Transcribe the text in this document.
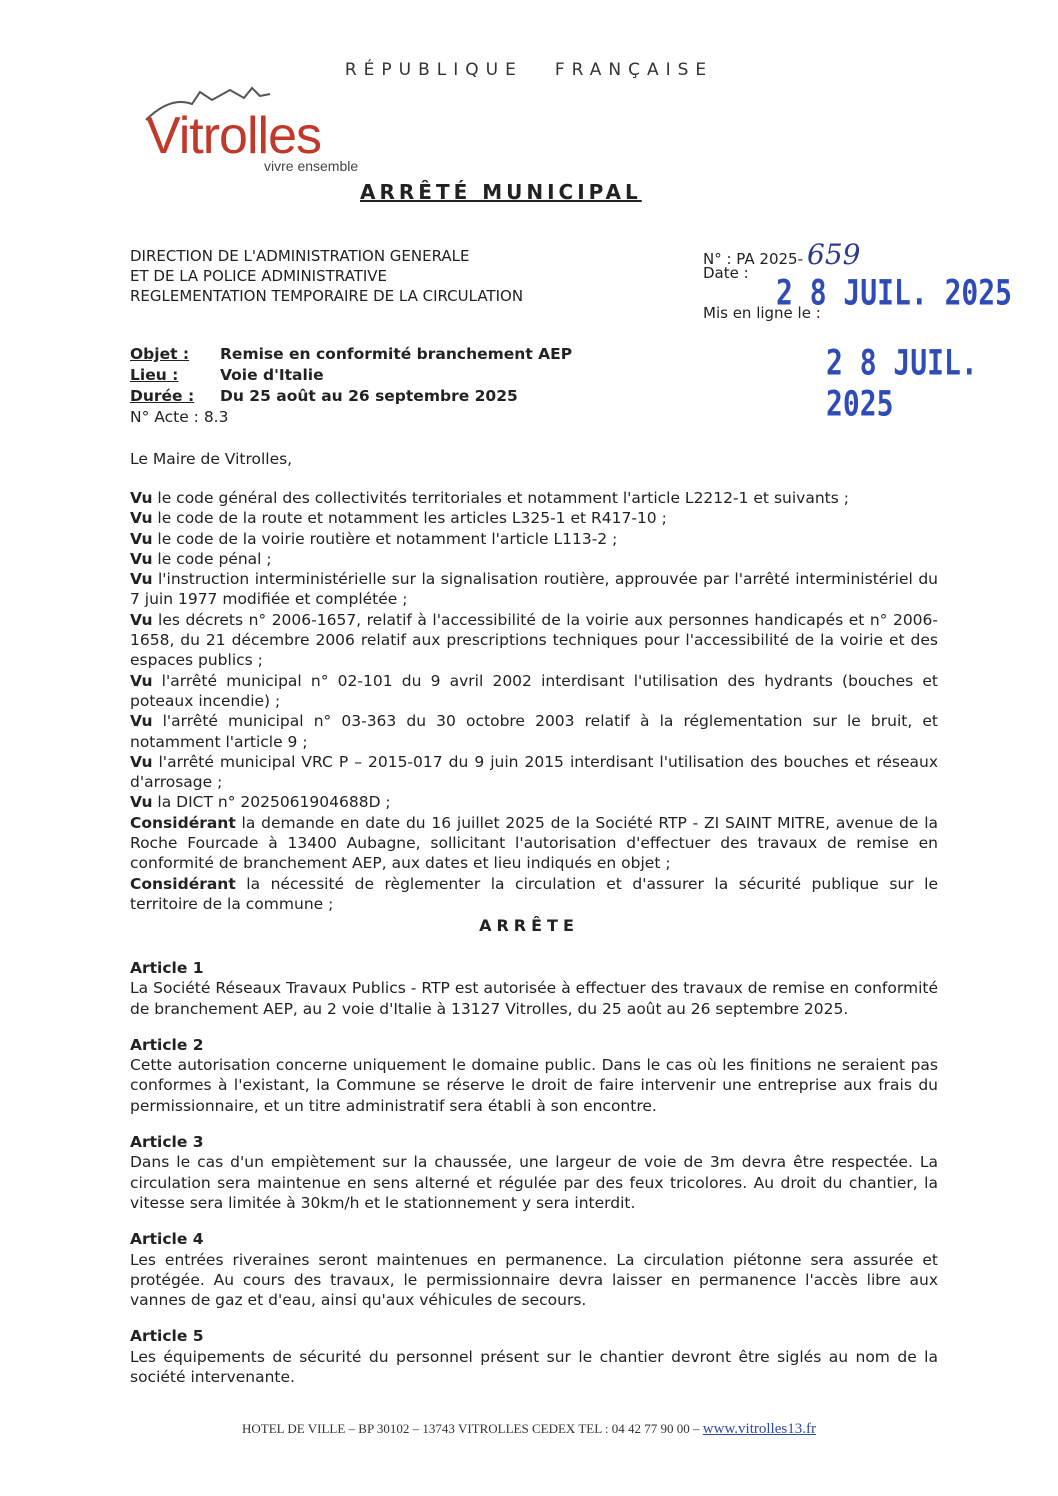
RÉPUBLIQUE FRANÇAISE
Vitrolles
vivre ensemble
ARRÊTÉ MUNICIPAL
DIRECTION DE L'ADMINISTRATION GENERALE
ET DE LA POLICE ADMINISTRATIVE
REGLEMENTATION TEMPORAIRE DE LA CIRCULATION
N° : PA 2025- 659
Date : 2 8 JUIL. 2025
Mis en ligne le :
2 8 JUIL. 2025
Objet :	Remise en conformité branchement AEP
Lieu :	Voie d'Italie
Durée :	Du 25 août au 26 septembre 2025
N° Acte : 8.3
Le Maire de Vitrolles,

Vu le code général des collectivités territoriales et notamment l'article L2212-1 et suivants ;

Vu le code de la route et notamment les articles L325-1 et R417-10 ;

Vu le code de la voirie routière et notamment l'article L113-2 ;

Vu le code pénal ;

Vu l'instruction interministérielle sur la signalisation routière, approuvée par l'arrêté interministériel du 7 juin 1977 modifiée et complétée ;

Vu les décrets n° 2006-1657, relatif à l'accessibilité de la voirie aux personnes handicapés et n° 2006-1658, du 21 décembre 2006 relatif aux prescriptions techniques pour l'accessibilité de la voirie et des espaces publics ;

Vu l'arrêté municipal n° 02-101 du 9 avril 2002 interdisant l'utilisation des hydrants (bouches et poteaux incendie) ;

Vu l'arrêté municipal n° 03-363 du 30 octobre 2003 relatif à la réglementation sur le bruit, et notamment l'article 9 ;

Vu l'arrêté municipal VRC P – 2015-017 du 9 juin 2015 interdisant l'utilisation des bouches et réseaux d'arrosage ;

Vu la DICT n° 2025061904688D ;

Considérant la demande en date du 16 juillet 2025 de la Société RTP - ZI SAINT MITRE, avenue de la Roche Fourcade à 13400 Aubagne, sollicitant l'autorisation d'effectuer des travaux de remise en conformité de branchement AEP, aux dates et lieu indiqués en objet ;

Considérant la nécessité de règlementer la circulation et d'assurer la sécurité publique sur le territoire de la commune ;

ARRÊTE
Article 1

La Société Réseaux Travaux Publics - RTP est autorisée à effectuer des travaux de remise en conformité de branchement AEP, au 2 voie d'Italie à 13127 Vitrolles, du 25 août au 26 septembre 2025.

Article 2

Cette autorisation concerne uniquement le domaine public. Dans le cas où les finitions ne seraient pas conformes à l'existant, la Commune se réserve le droit de faire intervenir une entreprise aux frais du permissionnaire, et un titre administratif sera établi à son encontre.

Article 3

Dans le cas d'un empiètement sur la chaussée, une largeur de voie de 3m devra être respectée. La circulation sera maintenue en sens alterné et régulée par des feux tricolores. Au droit du chantier, la vitesse sera limitée à 30km/h et le stationnement y sera interdit.

Article 4

Les entrées riveraines seront maintenues en permanence. La circulation piétonne sera assurée et protégée. Au cours des travaux, le permissionnaire devra laisser en permanence l'accès libre aux vannes de gaz et d'eau, ainsi qu'aux véhicules de secours.

Article 5

Les équipements de sécurité du personnel présent sur le chantier devront être siglés au nom de la société intervenante.

HOTEL DE VILLE – BP 30102 – 13743 VITROLLES CEDEX TEL : 04 42 77 90 00 – www.vitrolles13.fr
